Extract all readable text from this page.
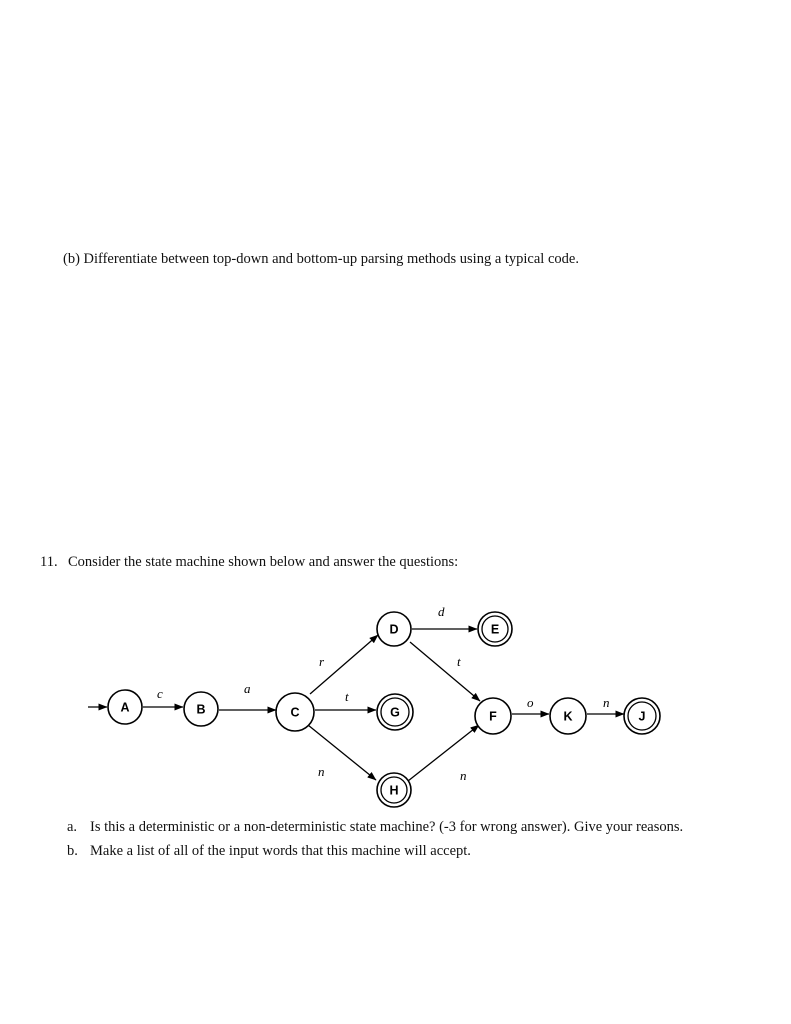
(b) Differentiate between top-down and bottom-up parsing methods using a typical code.
11. Consider the state machine shown below and answer the questions:
c	a
r
t
n
d
t
n
o	n
A	B	C
D	E
G
H
F	K	J
a. Is this a deterministic or a non-deterministic state machine? (-3 for wrong answer). Give your reasons.
b. Make a list of all of the input words that this machine will accept.
